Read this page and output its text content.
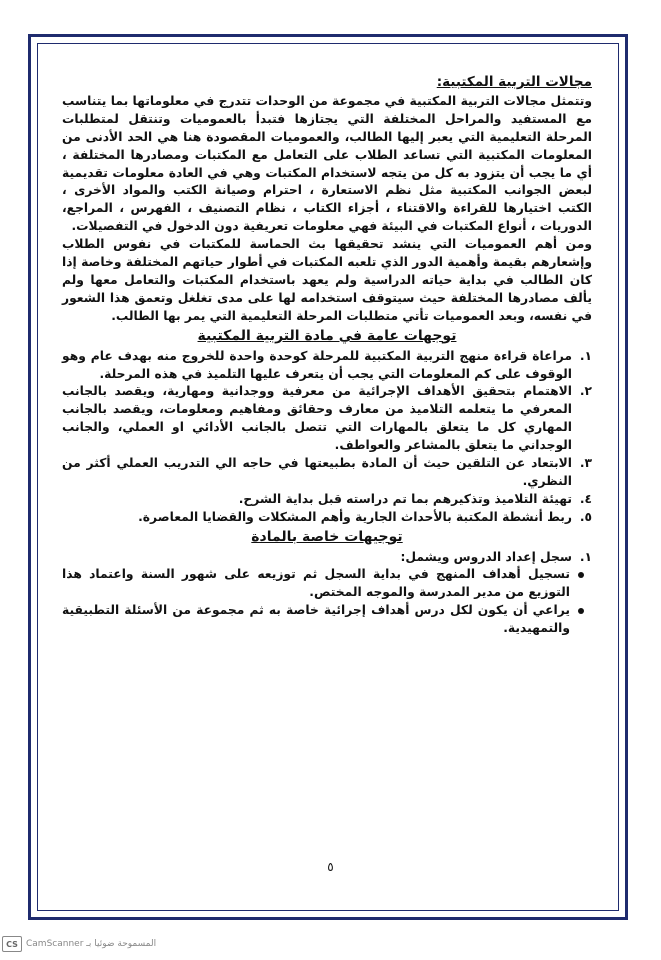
مجالات التربية المكتبية:

وتتمثل مجالات التربية المكتبية في مجموعة من الوحدات تتدرج في معلوماتها بما يتناسب مع المستفيد والمراحل المختلفة التي يجتازها فتبدأ بالعموميات وتنتقل لمتطلبات المرحلة التعليمية التي يعبر إليها الطالب، والعموميات المقصودة هنا هي الحد الأدنى من المعلومات المكتبية التي تساعد الطلاب على التعامل مع المكتبات ومصادرها المختلفة ، أي ما يجب أن يتزود به كل من يتجه لاستخدام المكتبات وهي في العادة معلومات تقديمية لبعض الجوانب المكتبية مثل نظم الاستعارة ، احترام وصيانة الكتب والمواد الأخرى ، الكتب اختيارها للقراءة والاقتناء ، أجزاء الكتاب ، نظام التصنيف ، الفهرس ، المراجع، الدوريات ، أنواع المكتبات في البيئة فهي معلومات تعريفية دون الدخول في التفصيلات.

ومن أهم العموميات التي ينشد تحقيقها بث الحماسة للمكتبات في نفوس الطلاب وإشعارهم بقيمة وأهمية الدور الذي تلعبه المكتبات في أطوار حياتهم المختلفة وخاصة إذا كان الطالب في بداية حياته الدراسية ولم يعهد باستخدام المكتبات والتعامل معها ولم يألف مصادرها المختلفة حيث سيتوقف استخدامه لها على مدى تغلغل وتعمق هذا الشعور في نفسه، وبعد العموميات تأتي متطلبات المرحلة التعليمية التي يمر بها الطالب.

توجهات عامة في مادة التربية المكتبية
١.
مراعاة قراءة منهج التربية المكتبية للمرحلة كوحدة واحدة للخروج منه بهدف عام وهو الوقوف على كم المعلومات التي يجب أن يتعرف عليها التلميذ في هذه المرحلة.
٢.
الاهتمام بتحقيق الأهداف الإجرائية من معرفية ووجدانية ومهارية، ويقصد بالجانب المعرفي ما يتعلمه التلاميذ من معارف وحقائق ومفاهيم ومعلومات، ويقصد بالجانب المهاري كل ما يتعلق بالمهارات التي تتصل بالجانب الأدائي او العملي، والجانب الوجداني ما يتعلق بالمشاعر والعواطف.
٣.
الابتعاد عن التلقين حيث أن المادة بطبيعتها في حاجه الي التدريب العملي أكثر من النظري.
٤.
تهيئة التلاميذ وتذكيرهم بما تم دراسته قبل بداية الشرح.
٥.
ربط أنشطة المكتبة بالأحداث الجارية وأهم المشكلات والقضايا المعاصرة.
توجيهات خاصة بالمادة
١.
سجل إعداد الدروس ويشمل:
تسجيل أهداف المنهج في بداية السجل ثم توزيعه على شهور السنة واعتماد هذا التوزيع من مدير المدرسة والموجه المختص.
يراعي أن يكون لكل درس أهداف إجرائية خاصة به ثم مجموعة من الأسئلة التطبيقية والتمهيدية.
٥
CS CamScanner المسموحة ضوئيا بـ
